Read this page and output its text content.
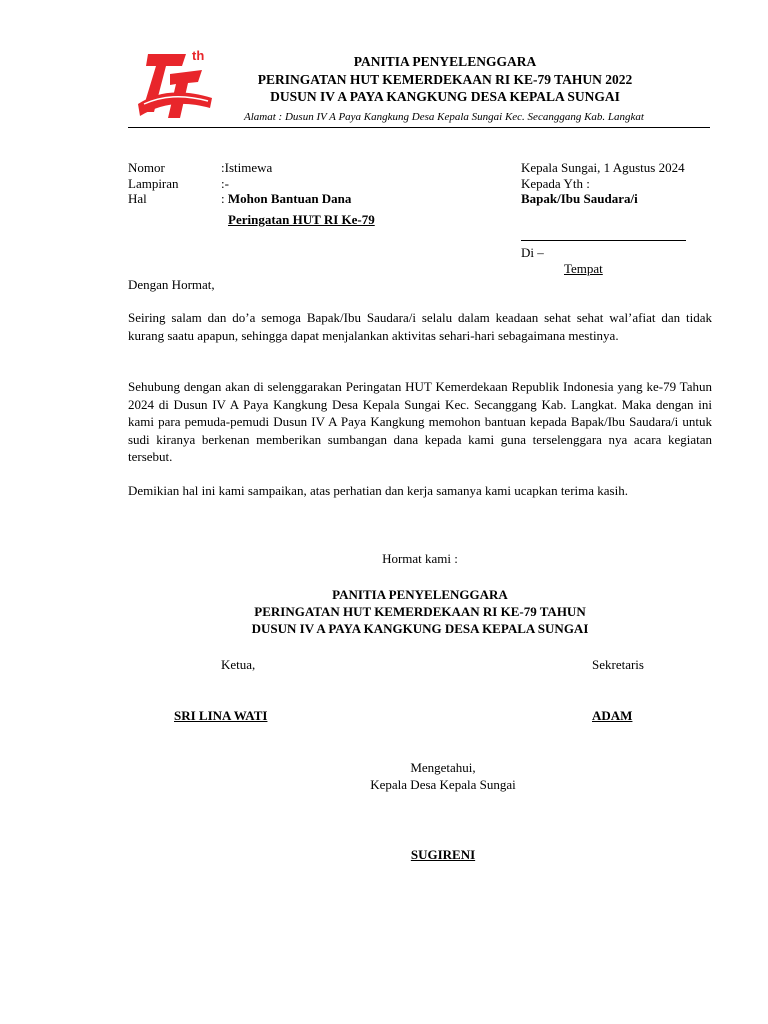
th	PANITIA PENYELENGGARA
PERINGATAN HUT KEMERDEKAAN RI KE-79 TAHUN 2022
DUSUN IV A PAYA KANGKUNG DESA KEPALA SUNGAI
Alamat : Dusun IV A Paya Kangkung Desa Kepala Sungai Kec. Secanggang Kab. Langkat
Nomor	:Istimewa
Lampiran	:-
Hal	: Mohon Bantuan Dana
Peringatan HUT RI Ke-79
Kepala Sungai, 1 Agustus 2024
Kepada Yth :
Bapak/Ibu Saudara/i
Di –
Tempat
Dengan Hormat,
Seiring salam dan do’a semoga Bapak/Ibu Saudara/i selalu dalam keadaan sehat sehat wal’afiat dan tidak kurang saatu apapun, sehingga dapat menjalankan aktivitas sehari-hari sebagaimana mestinya.
Sehubung dengan akan di selenggarakan Peringatan HUT Kemerdekaan Republik Indonesia yang ke-79 Tahun 2024 di Dusun IV A Paya Kangkung Desa Kepala Sungai Kec. Secanggang Kab. Langkat. Maka dengan ini kami para pemuda-pemudi Dusun IV A Paya Kangkung memohon bantuan kepada Bapak/Ibu Saudara/i untuk sudi kiranya berkenan memberikan sumbangan dana kepada kami guna terselenggara nya acara kegiatan tersebut.
Demikian hal ini kami sampaikan, atas perhatian dan kerja samanya kami ucapkan terima kasih.
Hormat kami :
PANITIA PENYELENGGARA
PERINGATAN HUT KEMERDEKAAN RI KE-79 TAHUN
DUSUN IV A PAYA KANGKUNG DESA KEPALA SUNGAI
Ketua,	Sekretaris
SRI LINA WATI	ADAM
Mengetahui,
Kepala Desa Kepala Sungai
SUGIRENI
